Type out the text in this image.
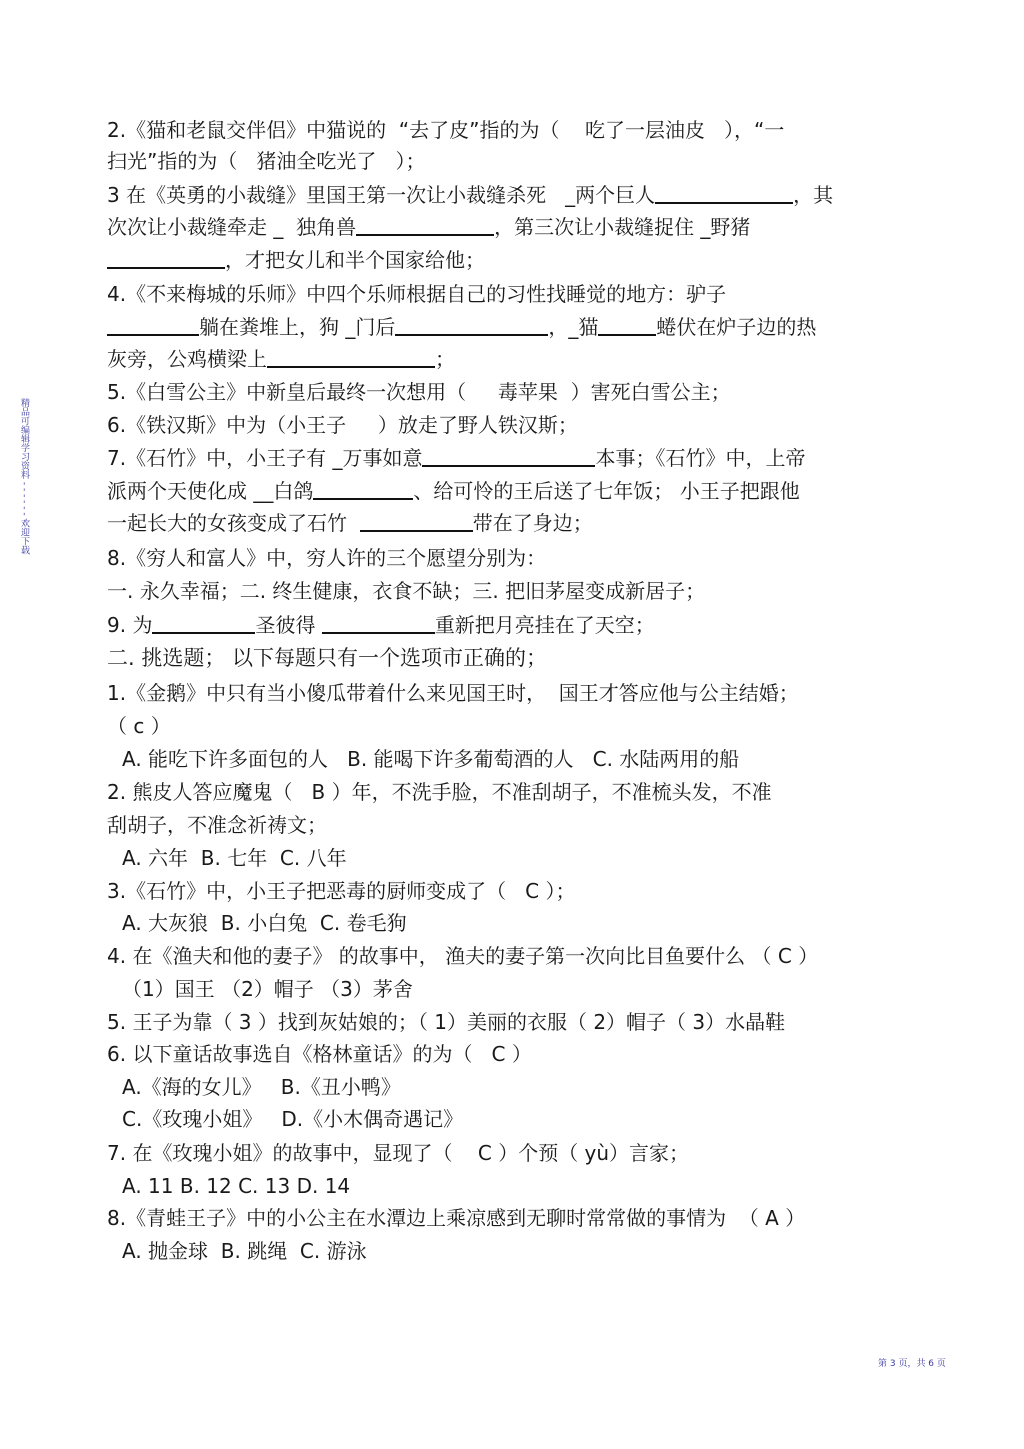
2.《猫和老鼠交伴侣》中猫说的  “去了皮”指的为（    吃了一层油皮   ），“一
扫光”指的为（   猪油全吃光了   ）；
3 在《英勇的小裁缝》里国王第一次让小裁缝杀死   _两个巨人	，其
次次让小裁缝牵走 _  独角兽	，第三次让小裁缝捉住 _野猪
，才把女儿和半个国家给他；
4.《不来梅城的乐师》中四个乐师根据自己的习性找睡觉的地方：驴子
躺在粪堆上，狗 _门后	，_猫	蜷伏在炉子边的热
灰旁，公鸡横梁上	；
5.《白雪公主》中新皇后最终一次想用（     毒苹果  ）害死白雪公主；
6.《铁汉斯》中为（小王子     ）放走了野人铁汉斯；
7.《石竹》中，小王子有 _万事如意	本事；《石竹》中，上帝
派两个天使化成 __白鸽	、给可怜的王后送了七年饭； 小王子把跟他
一起长大的女孩变成了石竹	带在了身边；
8.《穷人和富人》中，穷人许的三个愿望分别为：
一. 永久幸福；二. 终生健康，衣食不缺；三. 把旧茅屋变成新居子；
9. 为	圣彼得	重新把月亮挂在了天空；
二. 挑选题； 以下每题只有一个选项市正确的；
1.《金鹅》中只有当小傻瓜带着什么来见国王时，  国王才答应他与公主结婚；
（ c ）
A. 能吃下许多面包的人   B. 能喝下许多葡萄酒的人   C. 水陆两用的船
2. 熊皮人答应魔鬼（   B ）年，不洗手脸，不准刮胡子，不准梳头发，不准
刮胡子，不准念祈祷文；
A. 六年  B. 七年  C. 八年
3.《石竹》中，小王子把恶毒的厨师变成了（   C ）；
A. 大灰狼  B. 小白兔  C. 卷毛狗
4. 在《渔夫和他的妻子》 的故事中， 渔夫的妻子第一次向比目鱼要什么 （ C ）
（1）国王 （2）帽子 （3）茅舍
5. 王子为靠（ 3 ）找到灰姑娘的；（ 1）美丽的衣服（ 2）帽子（ 3）水晶鞋
6. 以下童话故事选自《格林童话》的为（   C ）
A.《海的女儿》   B.《丑小鸭》
C.《玫瑰小姐》   D.《小木偶奇遇记》
7. 在《玫瑰小姐》的故事中，显现了（    C ）个预（ yù）言家；
A. 11 B. 12 C. 13 D. 14
8.《青蛙王子》中的小公主在水潭边上乘凉感到无聊时常常做的事情为  （ A ）
A. 抛金球  B. 跳绳  C. 游泳
精品可编辑学习资料 - - - - - - 欢迎下载
第 3 页，共 6 页
